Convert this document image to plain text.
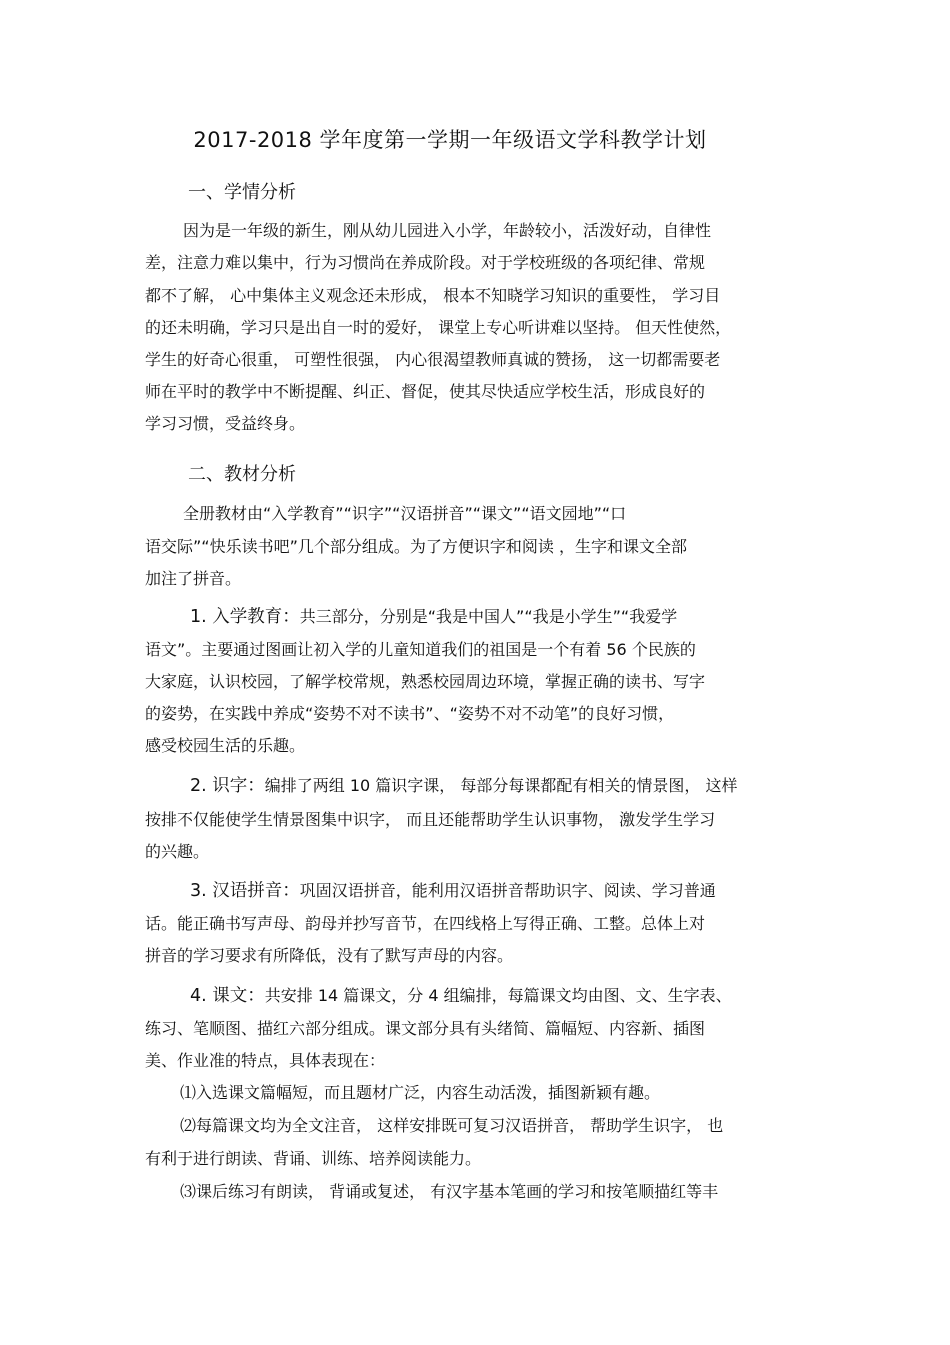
2017-2018 学年度第一学期一年级语文学科教学计划
一、学情分析
因为是一年级的新生，刚从幼儿园进入小学，年龄较小，活泼好动，自律性
差，注意力难以集中，行为习惯尚在养成阶段。对于学校班级的各项纪律、常规
都不了解， 心中集体主义观念还未形成， 根本不知晓学习知识的重要性， 学习目
的还未明确，学习只是出自一时的爱好， 课堂上专心听讲难以坚持。 但天性使然，
学生的好奇心很重， 可塑性很强， 内心很渴望教师真诚的赞扬， 这一切都需要老
师在平时的教学中不断提醒、纠正、督促，使其尽快适应学校生活，形成良好的
学习习惯，受益终身。
二、教材分析
全册教材由“入学教育”“识字”“汉语拼音”“课文”“语文园地”“口
语交际”“快乐读书吧”几个部分组成。为了方便识字和阅读 ，生字和课文全部
加注了拼音。
1. 入学教育：共三部分，分别是“我是中国人”“我是小学生”“我爱学
语文”。主要通过图画让初入学的儿童知道我们的祖国是一个有着 56 个民族的
大家庭，认识校园，了解学校常规，熟悉校园周边环境，掌握正确的读书、写字
的姿势，在实践中养成“姿势不对不读书”、“姿势不对不动笔”的良好习惯，
感受校园生活的乐趣。
2. 识字：编排了两组 10 篇识字课， 每部分每课都配有相关的情景图， 这样
按排不仅能使学生情景图集中识字， 而且还能帮助学生认识事物， 激发学生学习
的兴趣。
3. 汉语拼音：巩固汉语拼音，能利用汉语拼音帮助识字、阅读、学习普通
话。能正确书写声母、韵母并抄写音节，在四线格上写得正确、工整。总体上对
拼音的学习要求有所降低，没有了默写声母的内容。
4. 课文：共安排 14 篇课文，分 4 组编排，每篇课文均由图、文、生字表、
练习、笔顺图、描红六部分组成。课文部分具有头绪简、篇幅短、内容新、插图
美、作业准的特点，具体表现在：
⑴入选课文篇幅短，而且题材广泛，内容生动活泼，插图新颖有趣。
⑵每篇课文均为全文注音， 这样安排既可复习汉语拼音， 帮助学生识字， 也
有利于进行朗读、背诵、训练、培养阅读能力。
⑶课后练习有朗读， 背诵或复述， 有汉字基本笔画的学习和按笔顺描红等丰
